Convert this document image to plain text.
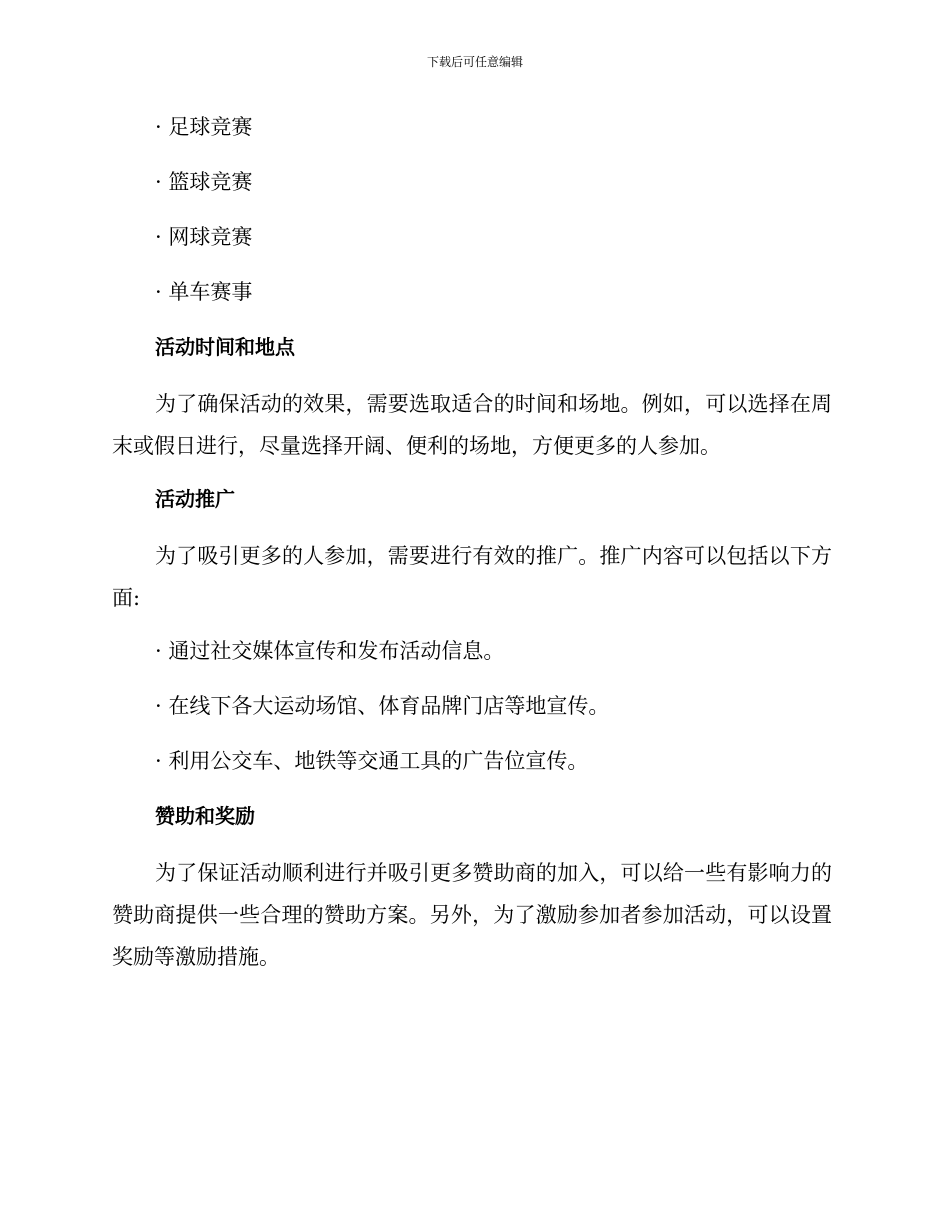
下载后可任意编辑
· 足球竞赛
· 篮球竞赛
· 网球竞赛
· 单车赛事
活动时间和地点
为了确保活动的效果，需要选取适合的时间和场地。例如，可以选择在周末或假日进行，尽量选择开阔、便利的场地，方便更多的人参加。
活动推广
为了吸引更多的人参加，需要进行有效的推广。推广内容可以包括以下方面:
· 通过社交媒体宣传和发布活动信息。
· 在线下各大运动场馆、体育品牌门店等地宣传。
· 利用公交车、地铁等交通工具的广告位宣传。
赞助和奖励
为了保证活动顺利进行并吸引更多赞助商的加入，可以给一些有影响力的赞助商提供一些合理的赞助方案。另外，为了激励参加者参加活动，可以设置奖励等激励措施。
